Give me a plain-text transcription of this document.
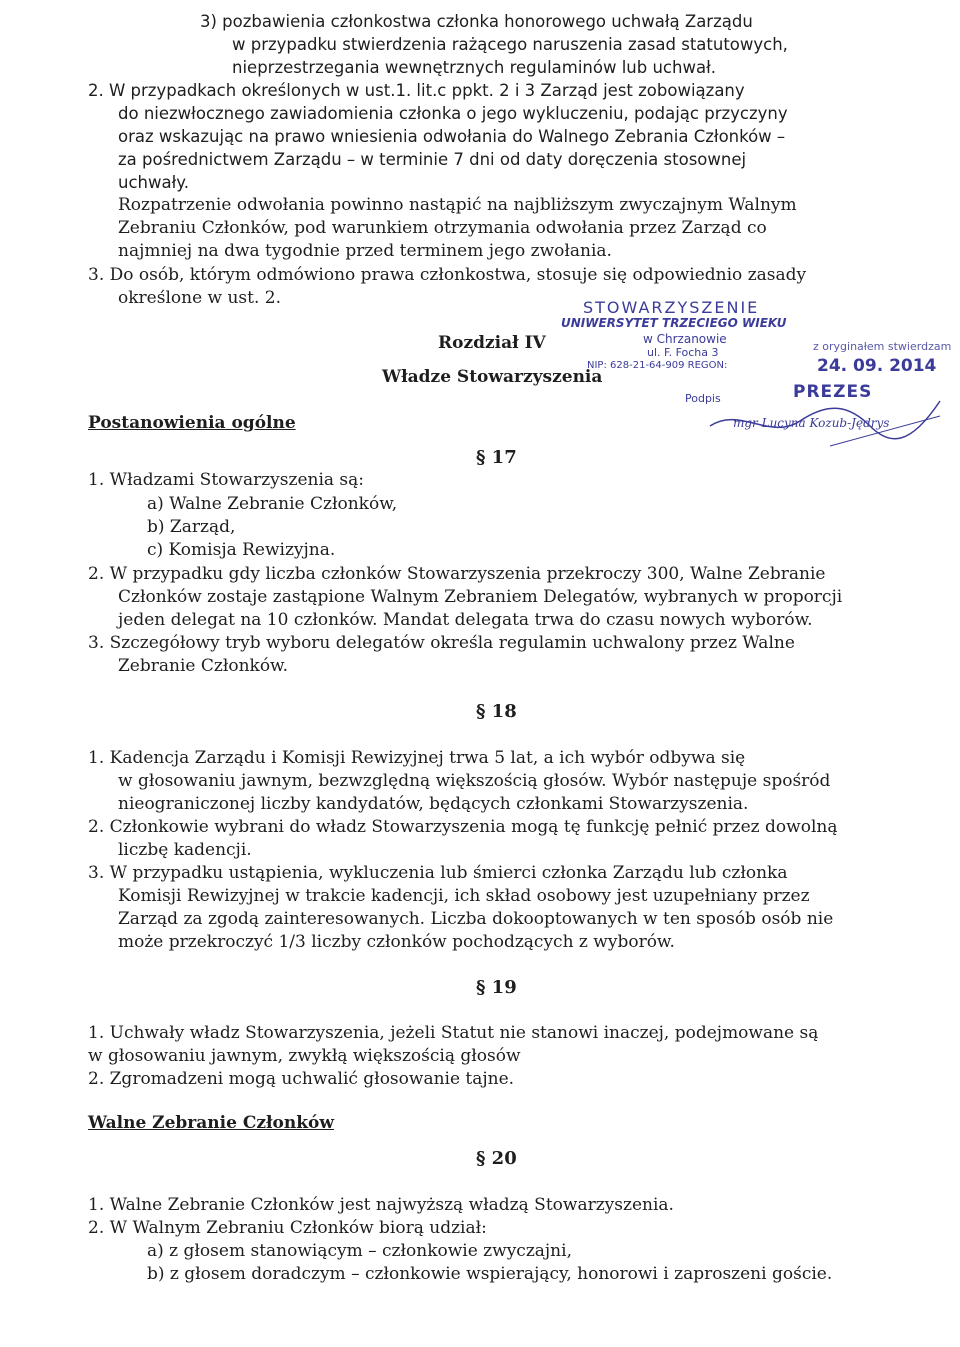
3) pozbawienia członkostwa członka honorowego uchwałą Zarządu
w przypadku stwierdzenia rażącego naruszenia zasad statutowych,
nieprzestrzegania wewnętrznych regulaminów lub uchwał.
2. W przypadkach określonych w ust.1. lit.c ppkt. 2 i 3 Zarząd jest zobowiązany
do niezwłocznego zawiadomienia członka o jego wykluczeniu, podając przyczyny
oraz wskazując na prawo wniesienia odwołania do Walnego Zebrania Członków –
za pośrednictwem Zarządu – w terminie 7 dni od daty doręczenia stosownej
uchwały.
Rozpatrzenie odwołania powinno nastąpić na najbliższym zwyczajnym Walnym
Zebraniu Członków, pod warunkiem otrzymania odwołania przez Zarząd co
najmniej na dwa tygodnie przed terminem jego zwołania.
3. Do osób, którym odmówiono prawa członkostwa, stosuje się odpowiednio zasady
określone w ust. 2.
Rozdział IV
Władze Stowarzyszenia
Postanowienia ogólne
STOWARZYSZENIE
UNIWERSYTET TRZECIEGO WIEKU
w Chrzanowie
ul. F. Focha 3
NIP: 628-21-64-909 REGON:
z oryginałem stwierdzam
24. 09. 2014
PREZES
Podpis
mgr Lucyna Kozub-Jędrys
§ 17
1. Władzami Stowarzyszenia są:
a) Walne Zebranie Członków,
b) Zarząd,
c) Komisja Rewizyjna.
2. W przypadku gdy liczba członków Stowarzyszenia przekroczy 300, Walne Zebranie
Członków zostaje zastąpione Walnym Zebraniem Delegatów, wybranych w proporcji
jeden delegat na 10 członków. Mandat delegata trwa do czasu nowych wyborów.
3. Szczegółowy tryb wyboru delegatów określa regulamin uchwalony przez Walne
Zebranie Członków.
§ 18
1. Kadencja Zarządu i Komisji Rewizyjnej trwa 5 lat, a ich wybór odbywa się
w głosowaniu jawnym, bezwzględną większością głosów. Wybór następuje spośród
nieograniczonej liczby kandydatów, będących członkami Stowarzyszenia.
2. Członkowie wybrani do władz Stowarzyszenia mogą tę funkcję pełnić przez dowolną
liczbę kadencji.
3. W przypadku ustąpienia, wykluczenia lub śmierci członka Zarządu lub członka
Komisji Rewizyjnej w trakcie kadencji, ich skład osobowy jest uzupełniany przez
Zarząd za zgodą zainteresowanych. Liczba dokooptowanych w ten sposób osób nie
może przekroczyć 1/3 liczby członków pochodzących z wyborów.
§ 19
1. Uchwały władz Stowarzyszenia, jeżeli Statut nie stanowi inaczej, podejmowane są
w głosowaniu jawnym, zwykłą większością głosów
2. Zgromadzeni mogą uchwalić głosowanie tajne.
Walne Zebranie Członków
§ 20
1. Walne Zebranie Członków jest najwyższą władzą Stowarzyszenia.
2. W Walnym Zebraniu Członków biorą udział:
a) z głosem stanowiącym – członkowie zwyczajni,
b) z głosem doradczym – członkowie wspierający, honorowi i zaproszeni goście.
